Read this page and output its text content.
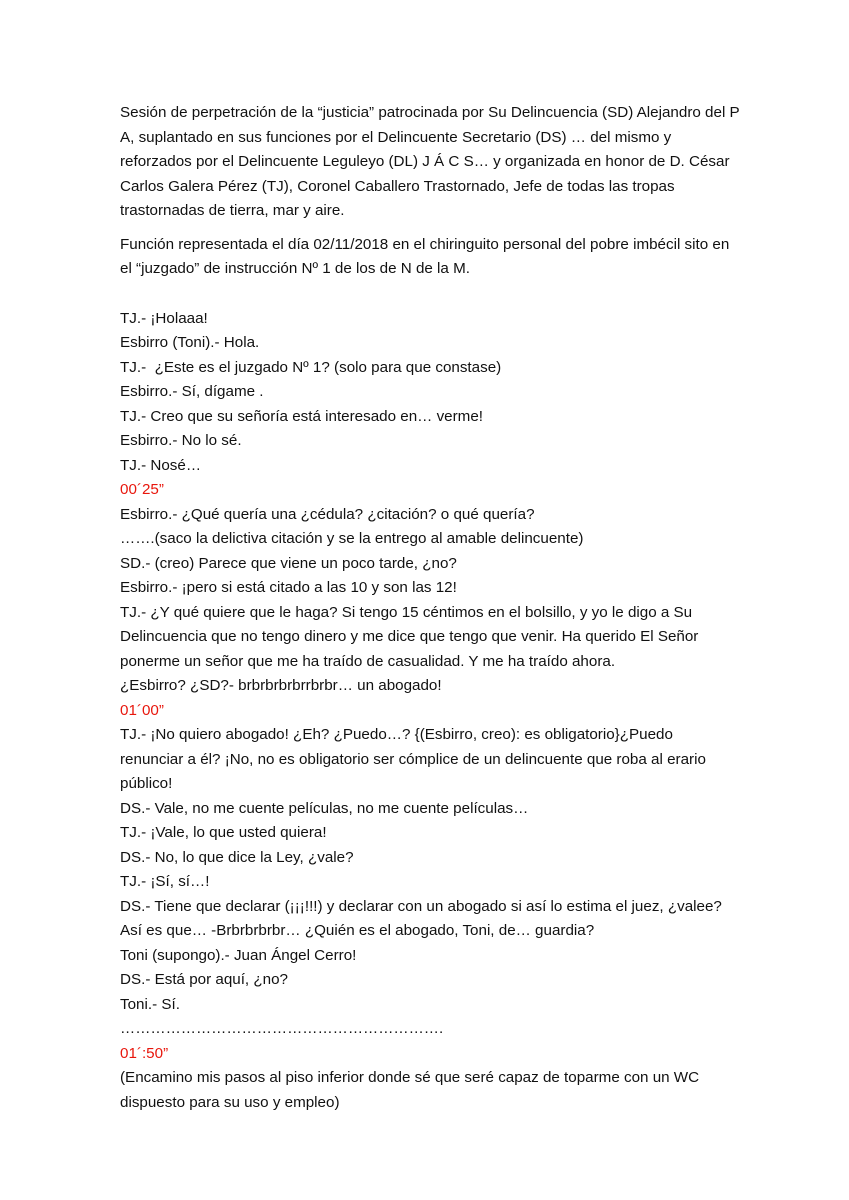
Sesión de perpetración de la “justicia” patrocinada por Su Delincuencia (SD) Alejandro del P A, suplantado en sus funciones por el Delincuente Secretario (DS) … del mismo y reforzados por el Delincuente Leguleyo (DL) J Á C S… y organizada en honor de D. César Carlos Galera Pérez (TJ), Coronel Caballero Trastornado, Jefe de todas las tropas trastornadas de tierra, mar y aire.

Función representada el día 02/11/2018 en el chiringuito personal del pobre imbécil sito en el “juzgado” de instrucción Nº 1 de los de N de la M.

TJ.- ¡Holaaa!

Esbirro (Toni).- Hola.

TJ.-  ¿Este es el juzgado Nº 1? (solo para que constase)

Esbirro.- Sí, dígame .

TJ.- Creo que su señoría está interesado en… verme!

Esbirro.- No lo sé.

TJ.- Nosé…

00´25”

Esbirro.- ¿Qué quería una ¿cédula? ¿citación? o qué quería?

…….(saco la delictiva citación y se la entrego al amable delincuente)

SD.- (creo) Parece que viene un poco tarde, ¿no?

Esbirro.- ¡pero si está citado a las 10 y son las 12!

TJ.- ¿Y qué quiere que le haga? Si tengo 15 céntimos en el bolsillo, y yo le digo a Su Delincuencia que no tengo dinero y me dice que tengo que venir. Ha querido El Señor ponerme un señor que me ha traído de casualidad. Y me ha traído ahora.

¿Esbirro? ¿SD?- brbrbrbrbrrbrbr… un abogado!

01´00”

TJ.- ¡No quiero abogado! ¿Eh? ¿Puedo…? {(Esbirro, creo): es obligatorio}¿Puedo renunciar a él? ¡No, no es obligatorio ser cómplice de un delincuente que roba al erario público!

DS.- Vale, no me cuente películas, no me cuente películas…

TJ.- ¡Vale, lo que usted quiera!

DS.- No, lo que dice la Ley, ¿vale?

TJ.- ¡Sí, sí…!

DS.- Tiene que declarar (¡¡¡!!!) y declarar con un abogado si así lo estima el juez, ¿valee? Así es que… -Brbrbrbrbr… ¿Quién es el abogado, Toni, de… guardia?

Toni (supongo).- Juan Ángel Cerro!

DS.- Está por aquí, ¿no?

Toni.- Sí.

……………………………………………………….

01´:50”

(Encamino mis pasos al piso inferior donde sé que seré capaz de toparme con un WC dispuesto para su uso y empleo)
